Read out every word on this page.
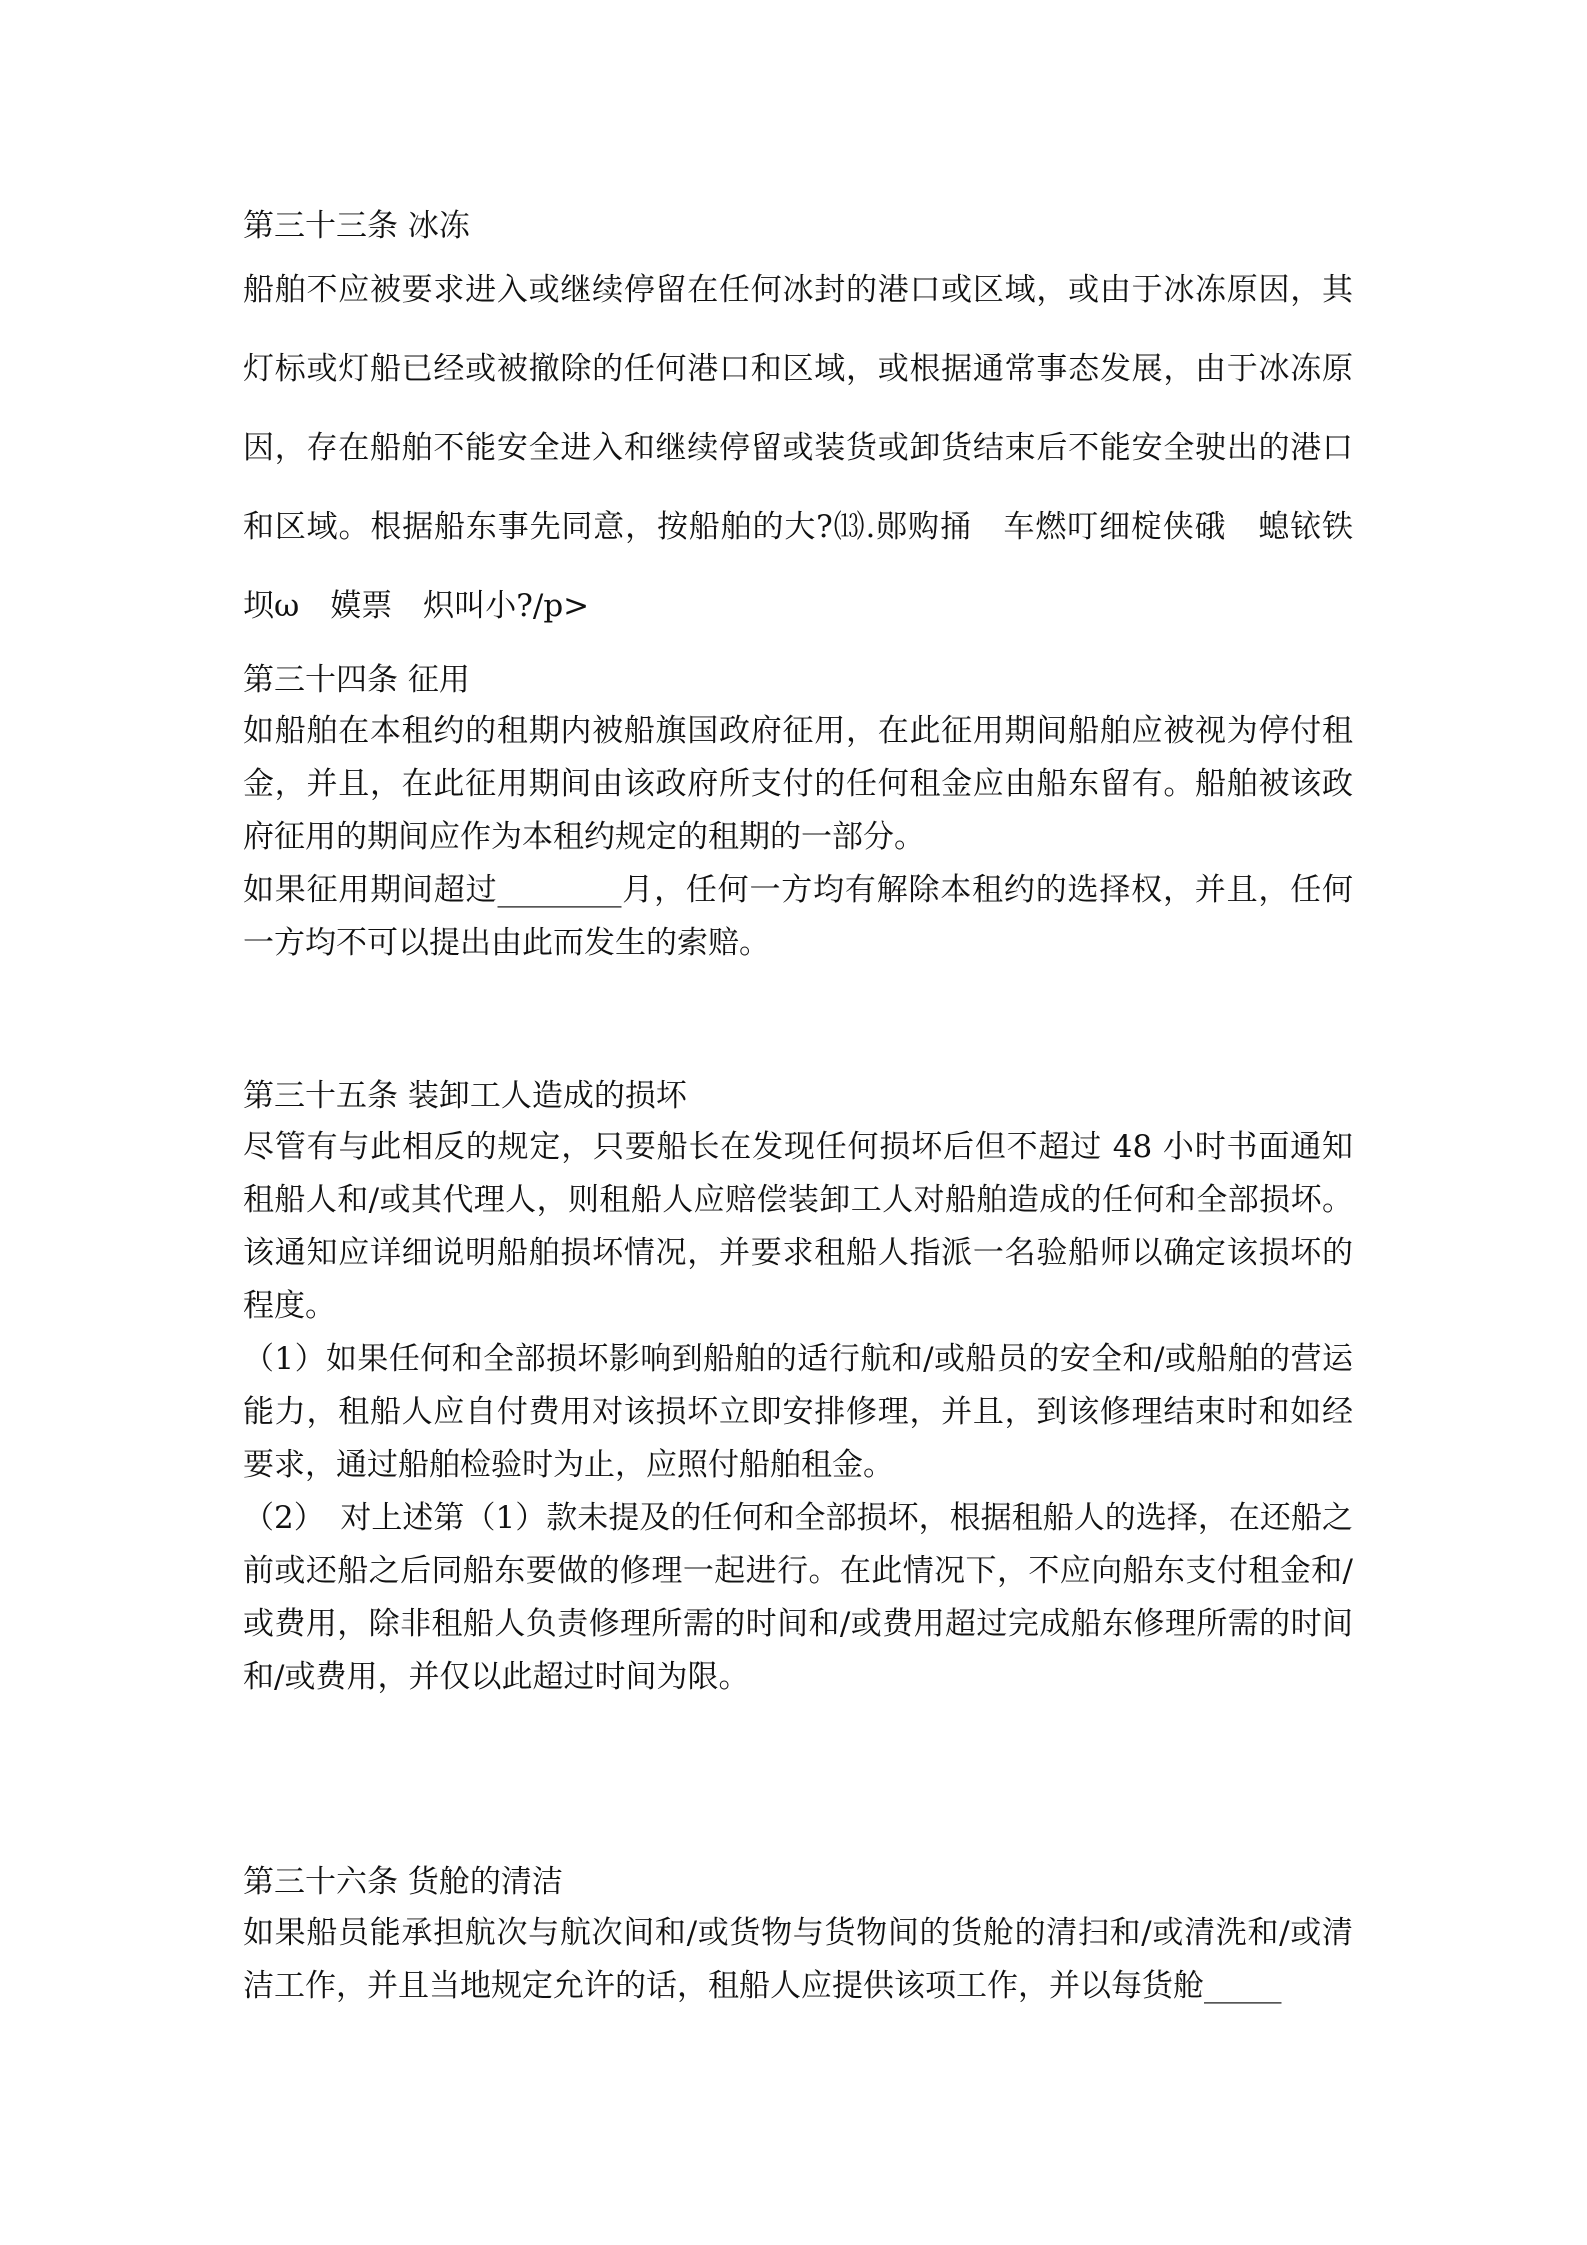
第三十三条 冰冻

船舶不应被要求进入或继续停留在任何冰封的港口或区域，或由于冰冻原因，其灯标或灯船已经或被撤除的任何港口和区域，或根据通常事态发展，由于冰冻原因，存在船舶不能安全进入和继续停留或装货或卸货结束后不能安全驶出的港口和区域。根据船东事先同意，按船舶的大?‌⒀.郧购捅　车燃叮细椗侠硪　螅铱铁坝ω　嫫票　炽叫小?/p>

第三十四条 征用

如船舶在本租约的租期内被船旗国政府征用，在此征用期间船舶应被视为停付租金，并且，在此征用期间由该政府所支付的任何租金应由船东留有。船舶被该政府征用的期间应作为本租约规定的租期的一部分。

如果征用期间超过________月，任何一方均有解除本租约的选择权，并且，任何一方均不可以提出由此而发生的索赔。

第三十五条 装卸工人造成的损坏

尽管有与此相反的规定，只要船长在发现任何损坏后但不超过 48 小时书面通知租船人和/或其代理人，则租船人应赔偿装卸工人对船舶造成的任何和全部损坏。该通知应详细说明船舶损坏情况，并要求租船人指派一名验船师以确定该损坏的程度。

（1）如果任何和全部损坏影响到船舶的适行航和/或船员的安全和/或船舶的营运能力，租船人应自付费用对该损坏立即安排修理，并且，到该修理结束时和如经要求，通过船舶检验时为止，应照付船舶租金。

（2）　对上述第（1）款未提及的任何和全部损坏，根据租船人的选择，在还船之前或还船之后同船东要做的修理一起进行。在此情况下，不应向船东支付租金和/或费用，除非租船人负责修理所需的时间和/或费用超过完成船东修理所需的时间和/或费用，并仅以此超过时间为限。

第三十六条 货舱的清洁

如果船员能承担航次与航次间和/或货物与货物间的货舱的清扫和/或清洗和/或清洁工作，并且当地规定允许的话，租船人应提供该项工作，并以每货舱_____
